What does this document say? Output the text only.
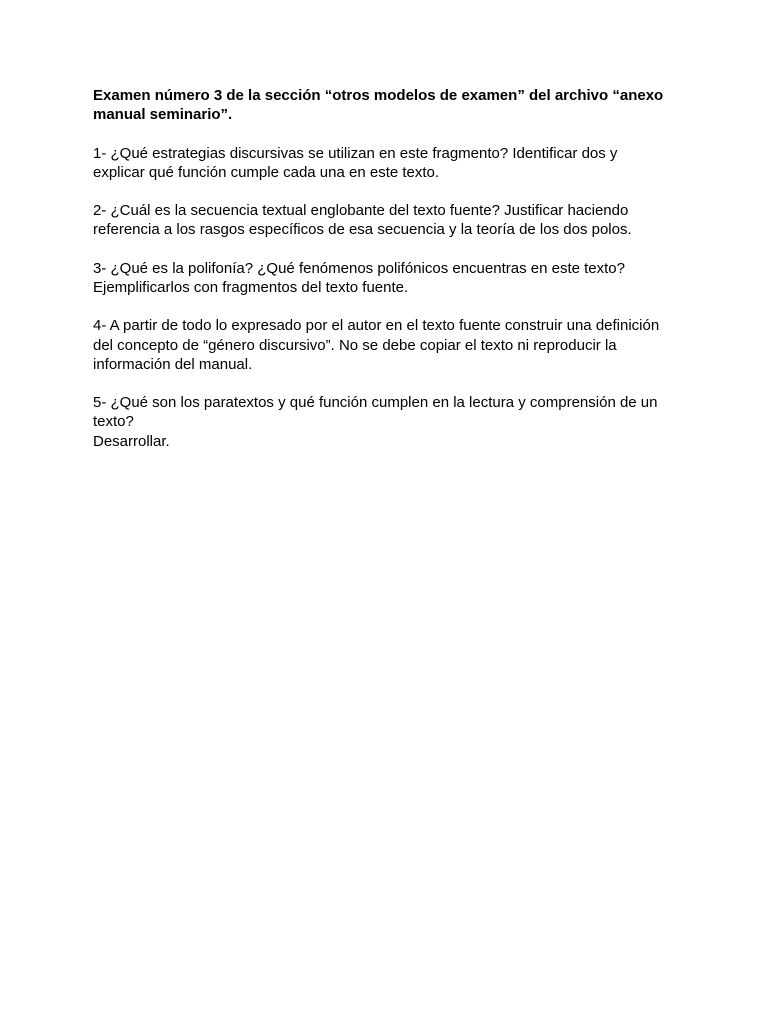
Examen número 3 de la sección “otros modelos de examen” del archivo “anexo manual seminario”.

1- ¿Qué estrategias discursivas se utilizan en este fragmento? Identificar dos y explicar qué función cumple cada una en este texto.

2- ¿Cuál es la secuencia textual englobante del texto fuente? Justificar haciendo referencia a los rasgos específicos de esa secuencia y la teoría de los dos polos.

3- ¿Qué es la polifonía? ¿Qué fenómenos polifónicos encuentras en este texto? Ejemplificarlos con fragmentos del texto fuente.

4- A partir de todo lo expresado por el autor en el texto fuente construir una definición del concepto de “género discursivo”. No se debe copiar el texto ni reproducir la información del manual.

5- ¿Qué son los paratextos y qué función cumplen en la lectura y comprensión de un texto?

Desarrollar.
